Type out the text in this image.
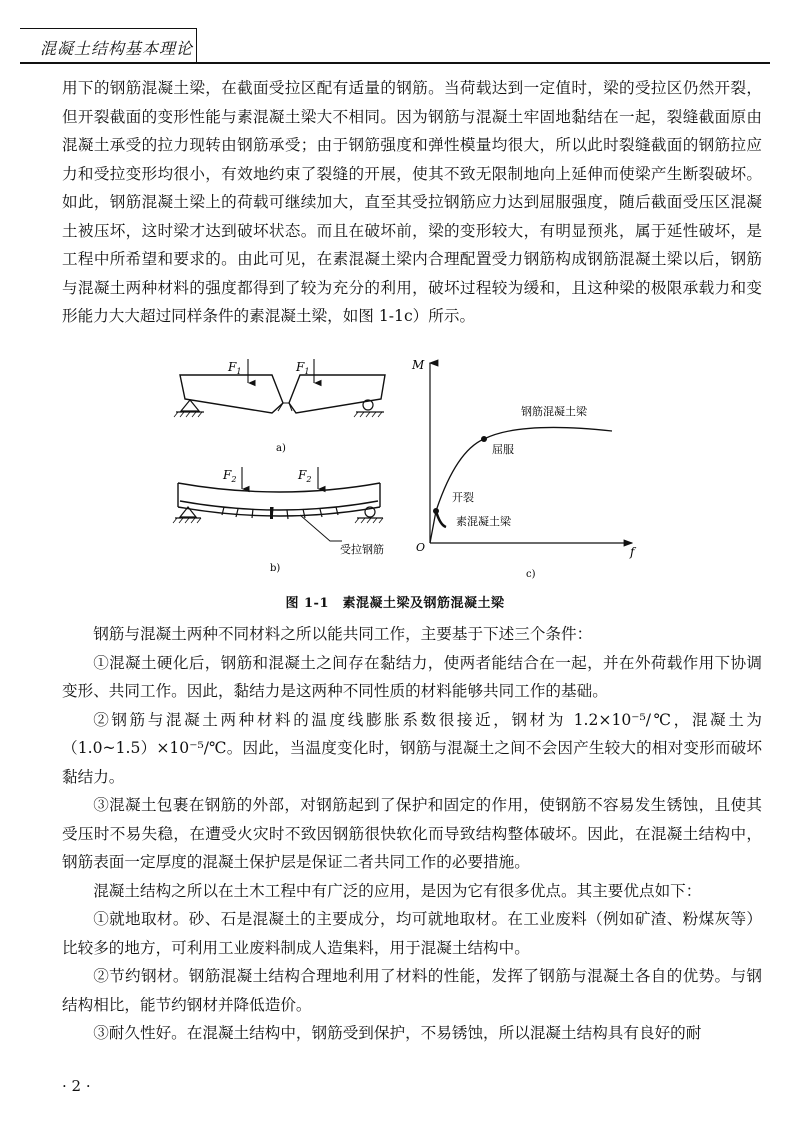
混凝土结构基本理论

用下的钢筋混凝土梁，在截面受拉区配有适量的钢筋。当荷载达到一定值时，梁的受拉区仍然开裂，但开裂截面的变形性能与素混凝土梁大不相同。因为钢筋与混凝土牢固地黏结在一起，裂缝截面原由混凝土承受的拉力现转由钢筋承受；由于钢筋强度和弹性模量均很大，所以此时裂缝截面的钢筋拉应力和受拉变形均很小，有效地约束了裂缝的开展，使其不致无限制地向上延伸而使梁产生断裂破坏。如此，钢筋混凝土梁上的荷载可继续加大，直至其受拉钢筋应力达到屈服强度，随后截面受压区混凝土被压坏，这时梁才达到破坏状态。而且在破坏前，梁的变形较大，有明显预兆，属于延性破坏，是工程中所希望和要求的。由此可见，在素混凝土梁内合理配置受力钢筋构成钢筋混凝土梁以后，钢筋与混凝土两种材料的强度都得到了较为充分的利用，破坏过程较为缓和，且这种梁的极限承载力和变形能力大大超过同样条件的素混凝土梁，如图 1-1c）所示。

$F_1$	$F_1$
a)
$F_2$	$F_2$
受拉钢筋
b)
M
f
O
钢筋混凝土梁
屈服
开裂
素混凝土梁
c)
图 1-1　素混凝土梁及钢筋混凝土梁

钢筋与混凝土两种不同材料之所以能共同工作，主要基于下述三个条件：

①混凝土硬化后，钢筋和混凝土之间存在黏结力，使两者能结合在一起，并在外荷载作用下协调变形、共同工作。因此，黏结力是这两种不同性质的材料能够共同工作的基础。

②钢筋与混凝土两种材料的温度线膨胀系数很接近，钢材为 1.2×10⁻⁵/℃，混凝土为（1.0~1.5）×10⁻⁵/℃。因此，当温度变化时，钢筋与混凝土之间不会因产生较大的相对变形而破坏黏结力。

③混凝土包裹在钢筋的外部，对钢筋起到了保护和固定的作用，使钢筋不容易发生锈蚀，且使其受压时不易失稳，在遭受火灾时不致因钢筋很快软化而导致结构整体破坏。因此，在混凝土结构中，钢筋表面一定厚度的混凝土保护层是保证二者共同工作的必要措施。

混凝土结构之所以在土木工程中有广泛的应用，是因为它有很多优点。其主要优点如下：

①就地取材。砂、石是混凝土的主要成分，均可就地取材。在工业废料（例如矿渣、粉煤灰等）比较多的地方，可利用工业废料制成人造集料，用于混凝土结构中。

②节约钢材。钢筋混凝土结构合理地利用了材料的性能，发挥了钢筋与混凝土各自的优势。与钢结构相比，能节约钢材并降低造价。

③耐久性好。在混凝土结构中，钢筋受到保护，不易锈蚀，所以混凝土结构具有良好的耐

· 2 ·
